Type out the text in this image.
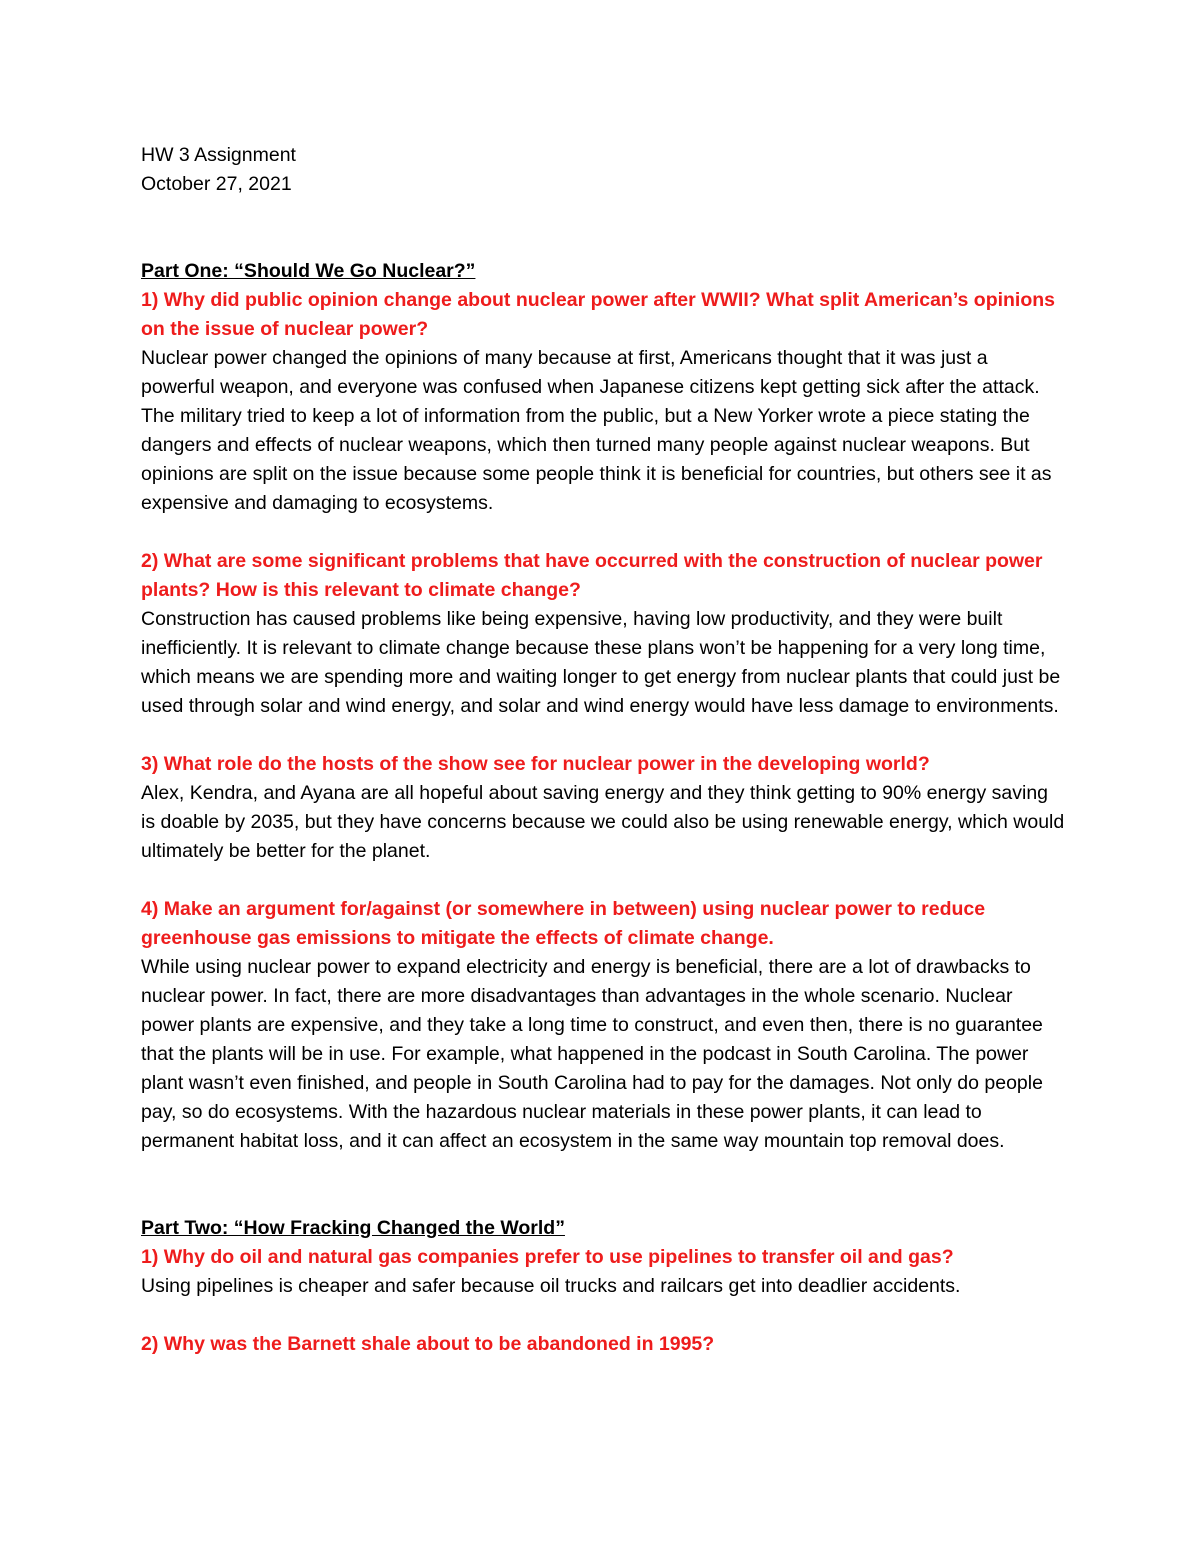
HW 3 Assignment

October 27, 2021

Part One: “Should We Go Nuclear?”

1) Why did public opinion change about nuclear power after WWII? What split American’s opinions on the issue of nuclear power?

Nuclear power changed the opinions of many because at first, Americans thought that it was just a powerful weapon, and everyone was confused when Japanese citizens kept getting sick after the attack. The military tried to keep a lot of information from the public, but a New Yorker wrote a piece stating the dangers and effects of nuclear weapons, which then turned many people against nuclear weapons. But opinions are split on the issue because some people think it is beneficial for countries, but others see it as expensive and damaging to ecosystems.

2) What are some significant problems that have occurred with the construction of nuclear power plants? How is this relevant to climate change?

Construction has caused problems like being expensive, having low productivity, and they were built inefficiently. It is relevant to climate change because these plans won’t be happening for a very long time, which means we are spending more and waiting longer to get energy from nuclear plants that could just be used through solar and wind energy, and solar and wind energy would have less damage to environments.

3) What role do the hosts of the show see for nuclear power in the developing world?

Alex, Kendra, and Ayana are all hopeful about saving energy and they think getting to 90% energy saving is doable by 2035, but they have concerns because we could also be using renewable energy, which would ultimately be better for the planet.

4) Make an argument for/against (or somewhere in between) using nuclear power to reduce greenhouse gas emissions to mitigate the effects of climate change.

While using nuclear power to expand electricity and energy is beneficial, there are a lot of drawbacks to nuclear power. In fact, there are more disadvantages than advantages in the whole scenario. Nuclear power plants are expensive, and they take a long time to construct, and even then, there is no guarantee that the plants will be in use. For example, what happened in the podcast in South Carolina. The power plant wasn’t even finished, and people in South Carolina had to pay for the damages. Not only do people pay, so do ecosystems. With the hazardous nuclear materials in these power plants, it can lead to permanent habitat loss, and it can affect an ecosystem in the same way mountain top removal does.

Part Two: “How Fracking Changed the World”

1) Why do oil and natural gas companies prefer to use pipelines to transfer oil and gas?

Using pipelines is cheaper and safer because oil trucks and railcars get into deadlier accidents.

2) Why was the Barnett shale about to be abandoned in 1995?
